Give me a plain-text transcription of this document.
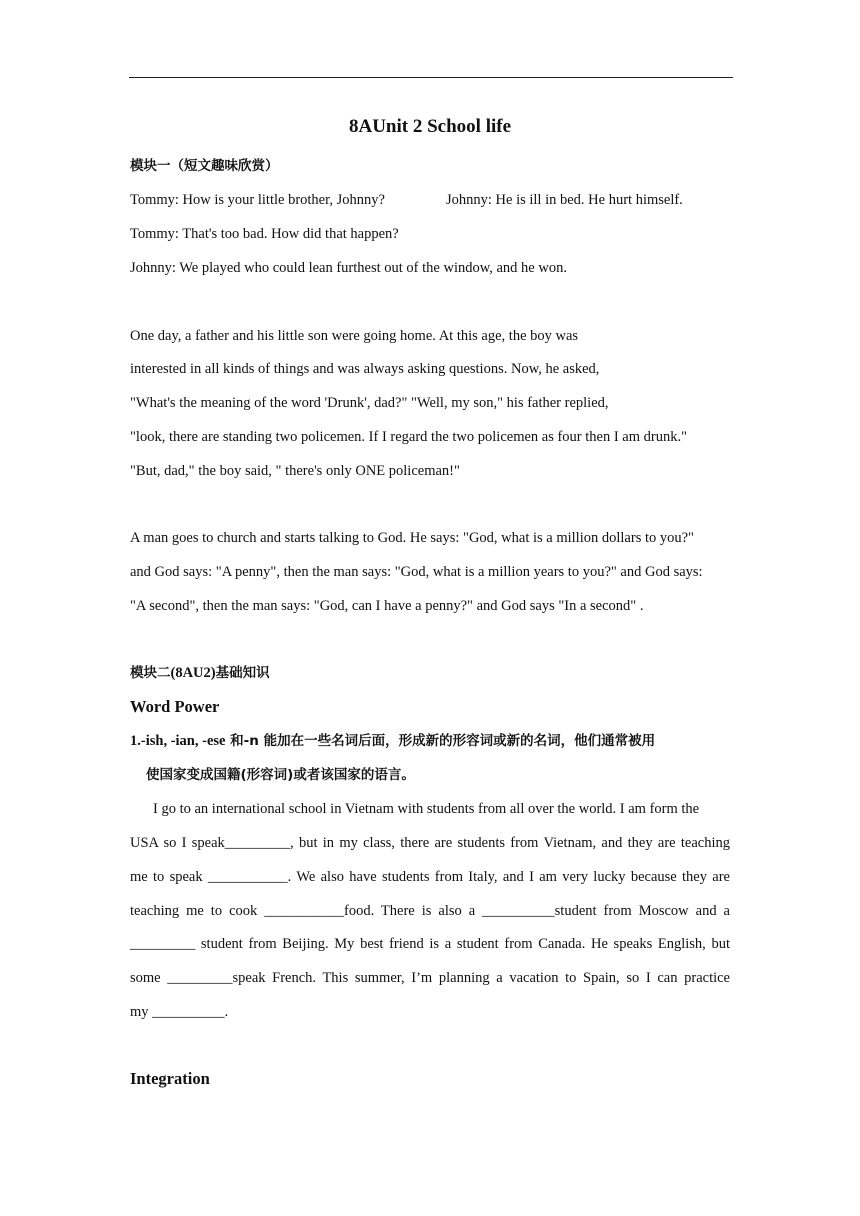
8AUnit 2 School life
模块一（短文趣味欣赏）
Tommy: How is your little brother, Johnny?	Johnny: He is ill in bed. He hurt himself.
Tommy: That's too bad. How did that happen?
Johnny: We played who could lean furthest out of the window, and he won.
One day, a father and his little son were going home. At this age, the boy was
interested in all kinds of things and was always asking questions. Now, he asked,
"What's the meaning of the word 'Drunk', dad?" "Well, my son," his father replied,
"look, there are standing two policemen. If I regard the two policemen as four then I am drunk."
"But, dad," the boy said, " there's only ONE policeman!"
A man goes to church and starts talking to God. He says: "God, what is a million dollars to you?"
and God says: "A penny", then the man says: "God, what is a million years to you?" and God says:
"A second", then the man says: "God, can I have a penny?" and God says "In a second" .
模块二(8AU2)基础知识
Word Power
1.-ish, -ian, -ese 和-n 能加在一些名词后面，形成新的形容词或新的名词，他们通常被用
使国家变成国籍(形容词)或者该国家的语言。
I go to an international school in Vietnam with students from all over the world. I am form the
USA so I speak_________, but in my class, there are students from Vietnam, and they are teaching
me to speak ___________. We also have students from Italy, and I am very lucky because they are
teaching me to cook ___________food. There is also a __________student from Moscow and a
_________ student from Beijing. My best friend is a student from Canada. He speaks English, but
some _________speak French. This summer, I’m planning a vacation to Spain, so I can practice
my __________.
Integration
